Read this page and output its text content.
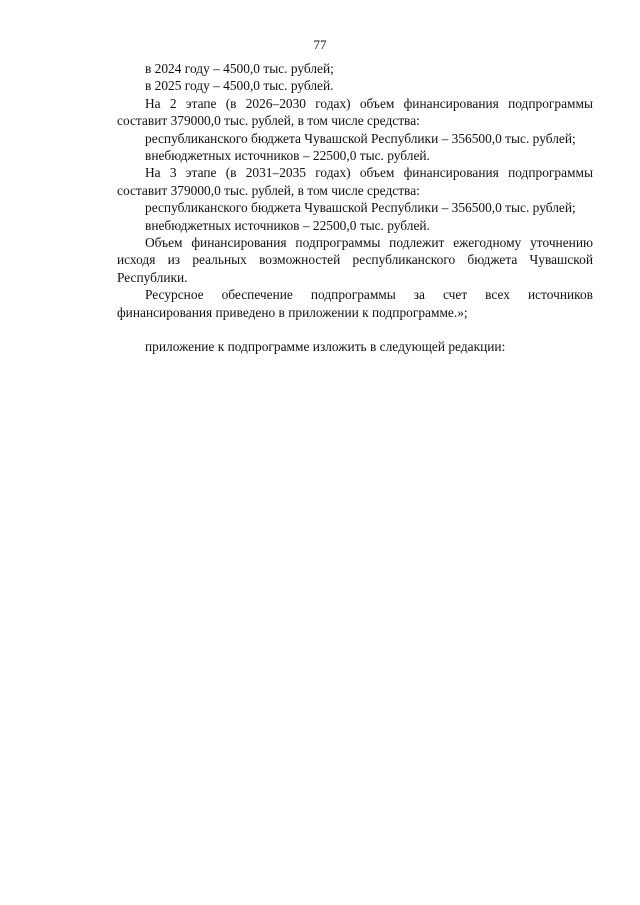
77

в 2024 году – 4500,0 тыс. рублей;

в 2025 году – 4500,0 тыс. рублей.

На 2 этапе (в 2026–2030 годах) объем финансирования подпрограммы составит 379000,0 тыс. рублей, в том числе средства:

республиканского бюджета Чувашской Республики – 356500,0 тыс. рублей;

внебюджетных источников – 22500,0 тыс. рублей.

На 3 этапе (в 2031–2035 годах) объем финансирования подпрограммы составит 379000,0 тыс. рублей, в том числе средства:

республиканского бюджета Чувашской Республики – 356500,0 тыс. рублей;

внебюджетных источников – 22500,0 тыс. рублей.

Объем финансирования подпрограммы подлежит ежегодному уточнению исходя из реальных возможностей республиканского бюджета Чувашской Республики.

Ресурсное обеспечение подпрограммы за счет всех источников финансирования приведено в приложении к подпрограмме.»;

приложение к подпрограмме изложить в следующей редакции:
